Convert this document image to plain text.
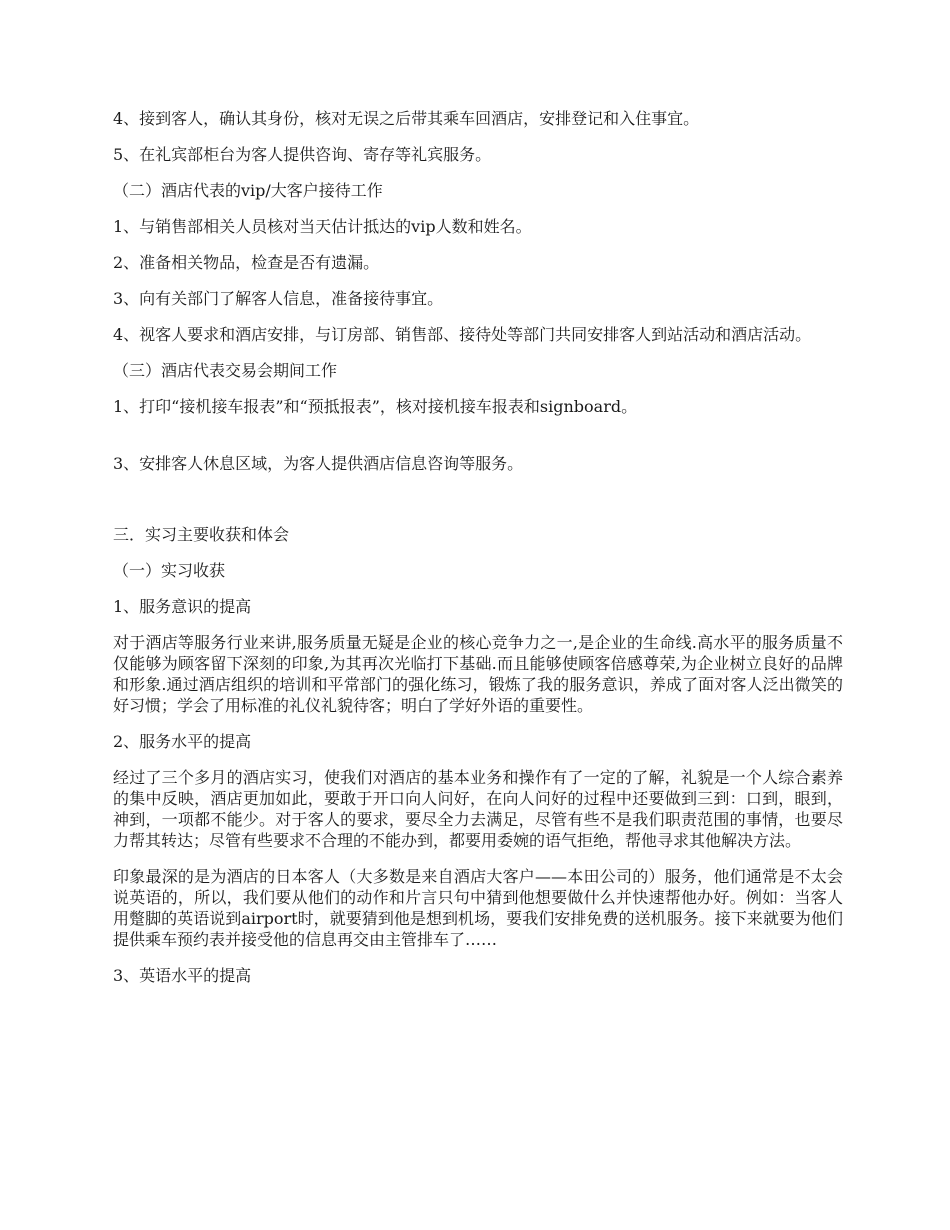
4、接到客人，确认其身份，核对无误之后带其乘车回酒店，安排登记和入住事宜。

5、在礼宾部柜台为客人提供咨询、寄存等礼宾服务。

（二）酒店代表的vip/大客户接待工作

1、与销售部相关人员核对当天估计抵达的vip人数和姓名。

2、准备相关物品，检查是否有遗漏。

3、向有关部门了解客人信息，准备接待事宜。

4、视客人要求和酒店安排，与订房部、销售部、接待处等部门共同安排客人到站活动和酒店活动。

（三）酒店代表交易会期间工作

1、打印“接机接车报表”和“预抵报表”，核对接机接车报表和signboard。

3、安排客人休息区域，为客人提供酒店信息咨询等服务。

三．实习主要收获和体会

（一）实习收获

1、服务意识的提高

对于酒店等服务行业来讲,服务质量无疑是企业的核心竞争力之一,是企业的生命线.高水平的服务质量不仅能够为顾客留下深刻的印象,为其再次光临打下基础.而且能够使顾客倍感尊荣,为企业树立良好的品牌和形象.通过酒店组织的培训和平常部门的强化练习，锻炼了我的服务意识，养成了面对客人泛出微笑的好习惯；学会了用标准的礼仪礼貌待客；明白了学好外语的重要性。

2、服务水平的提高

经过了三个多月的酒店实习，使我们对酒店的基本业务和操作有了一定的了解，礼貌是一个人综合素养的集中反映，酒店更加如此，要敢于开口向人问好，在向人问好的过程中还要做到三到：口到，眼到，神到，一项都不能少。对于客人的要求，要尽全力去满足，尽管有些不是我们职责范围的事情，也要尽力帮其转达；尽管有些要求不合理的不能办到，都要用委婉的语气拒绝，帮他寻求其他解决方法。

印象最深的是为酒店的日本客人（大多数是来自酒店大客户——本田公司的）服务，他们通常是不太会说英语的，所以，我们要从他们的动作和片言只句中猜到他想要做什么并快速帮他办好。例如：当客人用蹩脚的英语说到airport时，就要猜到他是想到机场，要我们安排免费的送机服务。接下来就要为他们提供乘车预约表并接受他的信息再交由主管排车了……

3、英语水平的提高
